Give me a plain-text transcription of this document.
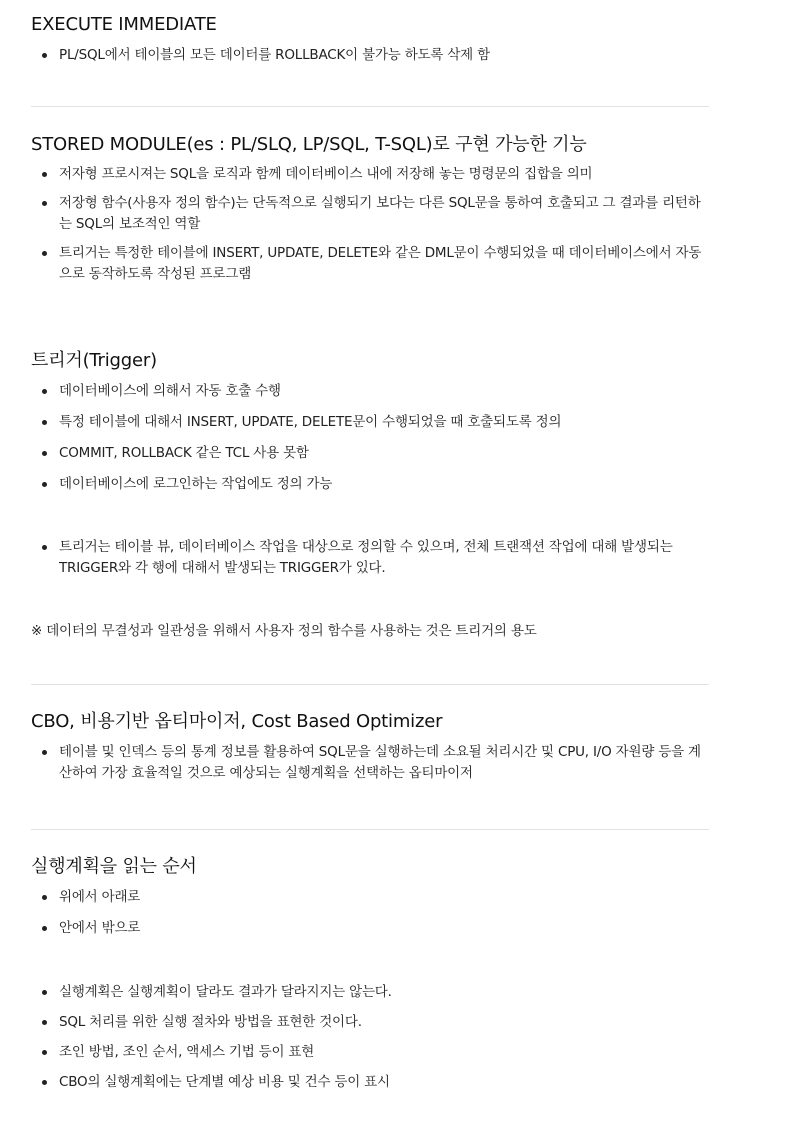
EXECUTE IMMEDIATE
PL/SQL에서 테이블의 모든 데이터를 ROLLBACK이 불가능 하도록 삭제 함
STORED MODULE(es : PL/SLQ, LP/SQL, T-SQL)로 구현 가능한 기능
저자형 프로시져는 SQL을 로직과 함께 데이터베이스 내에 저장해 놓는 명령문의 집합을 의미
저장형 함수(사용자 정의 함수)는 단독적으로 실행되기 보다는 다른 SQL문을 통하여 호출되고 그 결과를 리턴하는 SQL의 보조적인 역할
트리거는 특정한 테이블에 INSERT, UPDATE, DELETE와 같은 DML문이 수행되었을 때 데이터베이스에서 자동으로 동작하도록 작성된 프로그램
트리거(Trigger)
데이터베이스에 의해서 자동 호출 수행
특정 테이블에 대해서 INSERT, UPDATE, DELETE문이 수행되었을 때 호출되도록 정의
COMMIT, ROLLBACK 같은 TCL 사용 못함
데이터베이스에 로그인하는 작업에도 정의 가능
트리거는 테이블 뷰, 데이터베이스 작업을 대상으로 정의할 수 있으며, 전체 트랜잭션 작업에 대해 발생되는 TRIGGER와 각 행에 대해서 발생되는 TRIGGER가 있다.
※ 데이터의 무결성과 일관성을 위해서 사용자 정의 함수를 사용하는 것은 트리거의 용도
CBO, 비용기반 옵티마이저, Cost Based Optimizer
테이블 및 인덱스 등의 통계 정보를 활용하여 SQL문을 실행하는데 소요될 처리시간 및 CPU, I/O 자원량 등을 계산하여 가장 효율적일 것으로 예상되는 실행계획을 선택하는 옵티마이저
실행계획을 읽는 순서
위에서 아래로
안에서 밖으로
실행계획은 실행계획이 달라도 결과가 달라지지는 않는다.
SQL 처리를 위한 실행 절차와 방법을 표현한 것이다.
조인 방법, 조인 순서, 액세스 기법 등이 표현
CBO의 실행계획에는 단계별 예상 비용 및 건수 등이 표시
